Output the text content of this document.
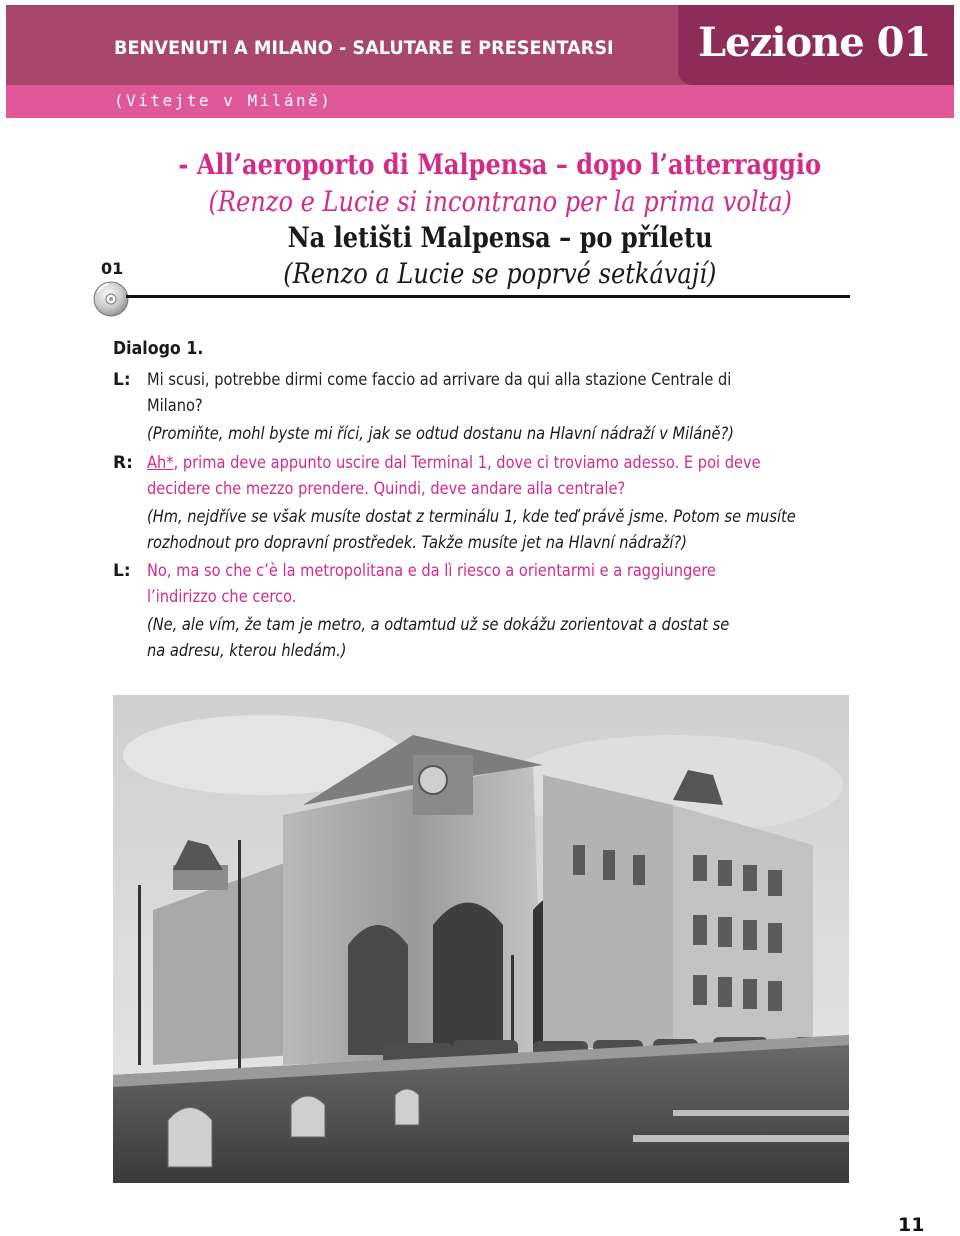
BENVENUTI A MILANO - SALUTARE E PRESENTARSI Lezione 01
(Vítejte v Miláně)
- All’aeroporto di Malpensa – dopo l’atterraggio
(Renzo e Lucie si incontrano per la prima volta)
Na letišti Malpensa – po příletu
(Renzo a Lucie se poprvé setkávají)
01
Dialogo 1.
L: Mi scusi, potrebbe dirmi come faccio ad arrivare da qui alla stazione Centrale di
Milano?
(Promiňte, mohl byste mi říci, jak se odtud dostanu na Hlavní nádraží v Miláně?)
R: Ah*, prima deve appunto uscire dal Terminal 1, dove ci troviamo adesso. E poi deve
decidere che mezzo prendere. Quindi, deve andare alla centrale?
(Hm, nejdříve se však musíte dostat z terminálu 1, kde teď právě jsme. Potom se musíte
rozhodnout pro dopravní prostředek. Takže musíte jet na Hlavní nádraží?)
L: No, ma so che c’è la metropolitana e da lì riesco a orientarmi e a raggiungere
l’indirizzo che cerco.
(Ne, ale vím, že tam je metro, a odtamtud už se dokážu zorientovat a dostat se
na adresu, kterou hledám.)
11
